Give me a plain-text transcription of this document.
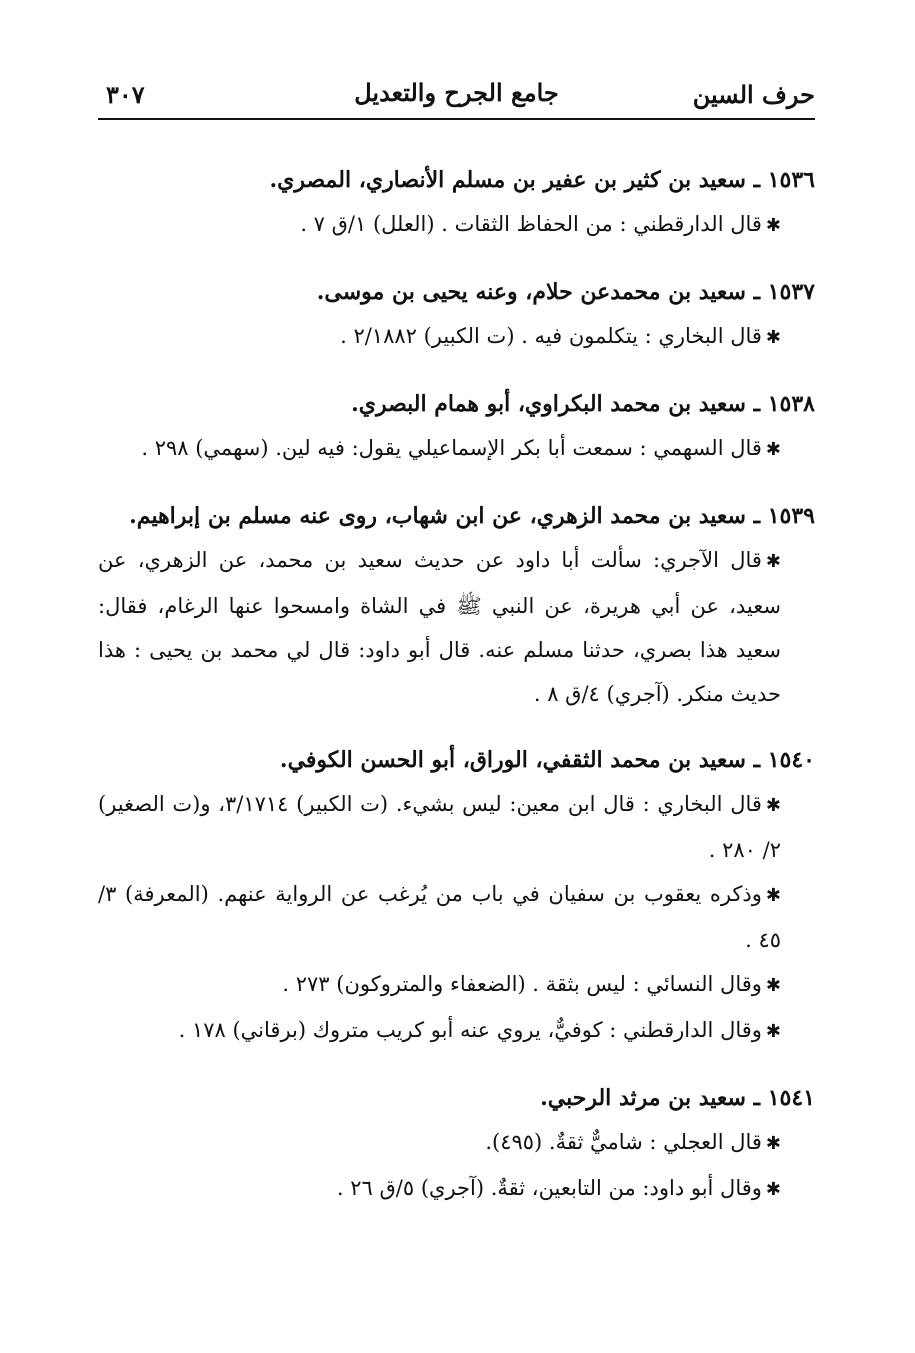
حرف السين
جامع الجرح والتعديل
٣٠٧
١٥٣٦ ـ سعيد بن كثير بن عفير بن مسلم الأنصاري، المصري.
✱قال الدارقطني : من الحفاظ الثقات . (العلل) ١/ق ٧ .
١٥٣٧ ـ سعيد بن محمدعن حلام، وعنه يحيى بن موسى.
✱قال البخاري : يتكلمون فيه . (ت الكبير) ٢/١٨٨٢ .
١٥٣٨ ـ سعيد بن محمد البكراوي، أبو همام البصري.
✱قال السهمي : سمعت أبا بكر الإسماعيلي يقول: فيه لين. (سهمي) ٢٩٨ .
١٥٣٩ ـ سعيد بن محمد الزهري، عن ابن شهاب، روى عنه مسلم بن إبراهيم.
✱قال الآجري: سألت أبا داود عن حديث سعيد بن محمد، عن الزهري، عن سعيد، عن أبي هريرة، عن النبي ﷺ في الشاة وامسحوا عنها الرغام، فقال: سعيد هذا بصري، حدثنا مسلم عنه. قال أبو داود: قال لي محمد بن يحيى : هذا حديث منكر. (آجري) ٤/ق ٨ .
١٥٤٠ ـ سعيد بن محمد الثقفي، الوراق، أبو الحسن الكوفي.
✱قال البخاري : قال ابن معين: ليس بشيء. (ت الكبير) ٣/١٧١٤، و(ت الصغير) ٢/ ٢٨٠ .
✱وذكره يعقوب بن سفيان في باب من يُرغب عن الرواية عنهم. (المعرفة) ٣/ ٤٥ .
✱وقال النسائي : ليس بثقة . (الضعفاء والمتروكون) ٢٧٣ .
✱وقال الدارقطني : كوفيٌّ، يروي عنه أبو كريب متروك (برقاني) ١٧٨ .
١٥٤١ ـ سعيد بن مرثد الرحبي.
✱قال العجلي : شاميٌّ ثقةٌ. (٤٩٥).
✱وقال أبو داود: من التابعين، ثقةٌ. (آجري) ٥/ق ٢٦ .
